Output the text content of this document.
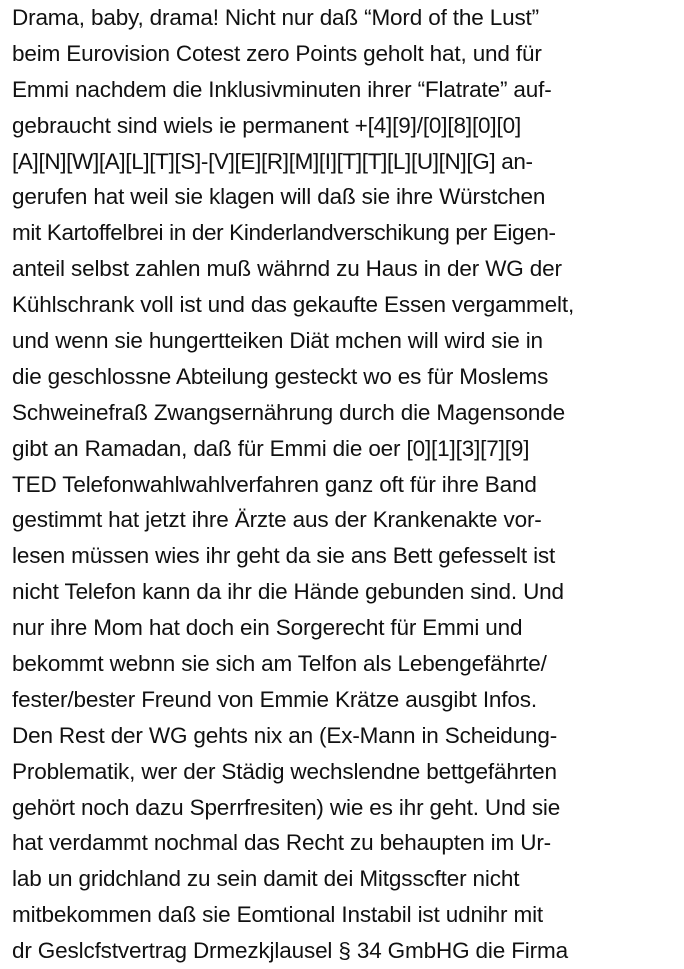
Drama, baby, drama! Nicht nur daß “Mord of the Lust”
beim Eurovision Cotest zero Points geholt hat, und für
Emmi nachdem die Inklusivminuten ihrer “Flatrate” auf-
gebraucht sind wiels ie permanent +[4][9]/[0][8][0][0]
[A][N][W][A][L][T][S]-[V][E][R][M][I][T][T][L][U][N][G] an-
gerufen hat weil sie klagen will daß sie ihre Würstchen
mit Kartoffelbrei in der Kinderlandverschikung per Eigen-
anteil selbst zahlen muß währnd zu Haus in der WG der
Kühlschrank voll ist und das gekaufte Essen vergammelt,
und wenn sie hungertteiken Diät mchen will wird sie in
die geschlossne Abteilung gesteckt wo es für Moslems
Schweinefraß Zwangsernährung durch die Magensonde
gibt an Ramadan, daß für Emmi die oer [0][1][3][7][9]
TED Telefonwahlwahlverfahren ganz oft für ihre Band
gestimmt hat jetzt ihre Ärzte aus der Krankenakte vor-
lesen müssen wies ihr geht da sie ans Bett gefesselt ist
nicht Telefon kann da ihr die Hände gebunden sind. Und
nur ihre Mom hat doch ein Sorgerecht für Emmi und
bekommt webnn sie sich am Telfon als Lebengefährte/
fester/bester Freund von Emmie Krätze ausgibt Infos.
Den Rest der WG gehts nix an (Ex-Mann in Scheidung-
Problematik, wer der Städig wechslendne bettgefährten
gehört noch dazu Sperrfresiten) wie es ihr geht. Und sie
hat verdammt nochmal das Recht zu behaupten im Ur-
lab un gridchland zu sein damit dei Mitgsscfter nicht
mitbekommen daß sie Eomtional Instabil ist udnihr mit
dr Geslcfstvertrag Drmezkjlausel § 34 GmbHG die Firma
